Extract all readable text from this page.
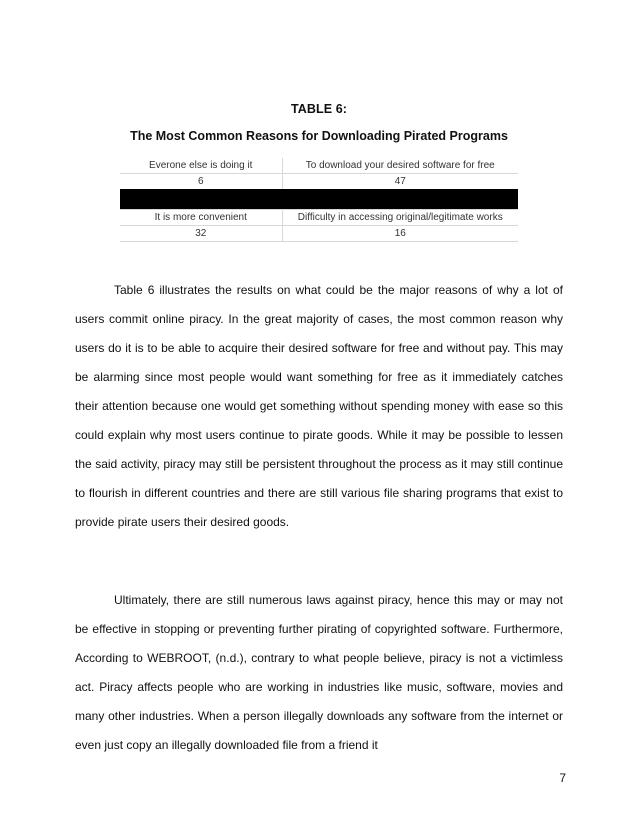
TABLE 6:
The Most Common Reasons for Downloading Pirated Programs
Everone else is doing it	To download your desired software for free
6	47

It is more convenient	Difficulty in accessing original/legitimate works
32	16

Table 6 illustrates the results on what could be the major reasons of why a lot of users commit online piracy. In the great majority of cases, the most common reason why users do it is to be able to acquire their desired software for free and without pay. This may be alarming since most people would want something for free as it immediately catches their attention because one would get something without spending money with ease so this could explain why most users continue to pirate goods. While it may be possible to lessen the said activity, piracy may still be persistent throughout the process as it may still continue to flourish in different countries and there are still various file sharing programs that exist to provide pirate users their desired goods.

Ultimately, there are still numerous laws against piracy, hence this may or may not be effective in stopping or preventing further pirating of copyrighted software. Furthermore, According to WEBROOT, (n.d.), contrary to what people believe, piracy is not a victimless act. Piracy affects people who are working in industries like music, software, movies and many other industries. When a person illegally downloads any software from the internet or even just copy an illegally downloaded file from a friend it

7
